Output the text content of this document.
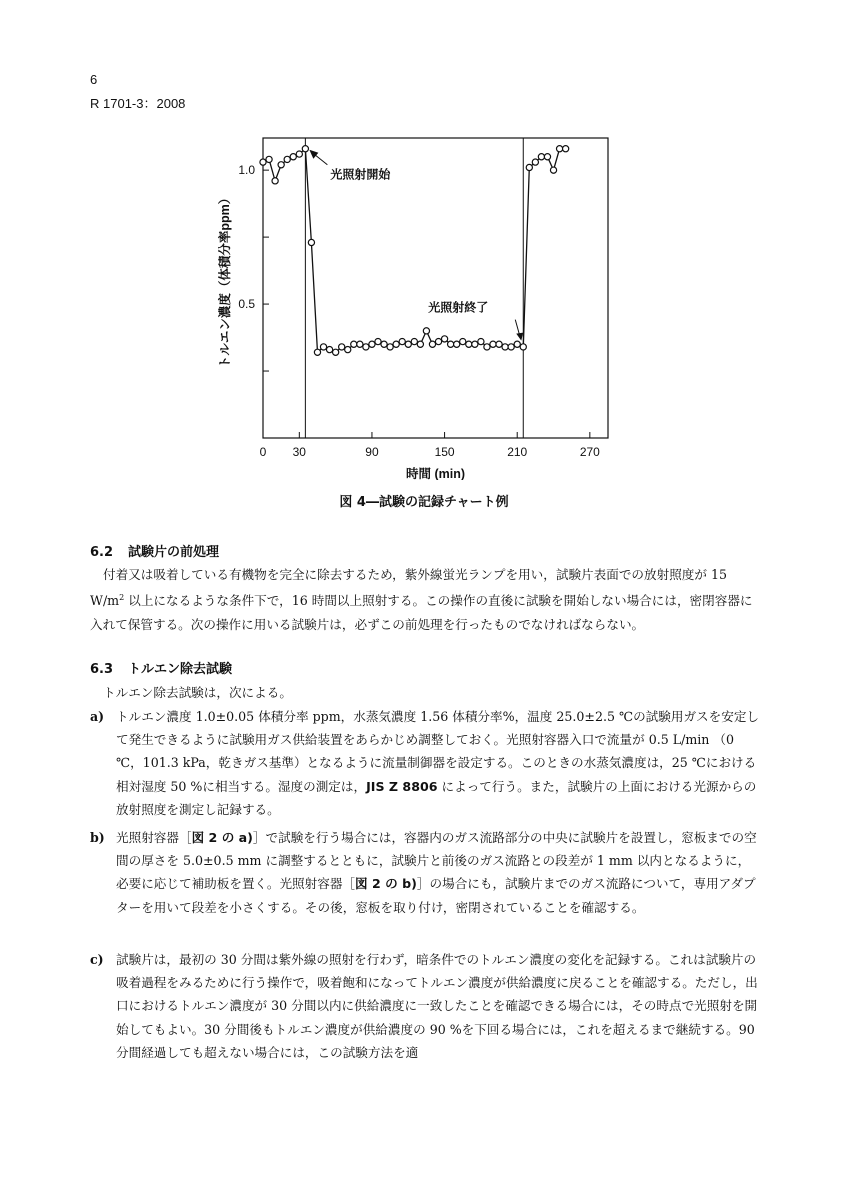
6
R 1701-3：2008
0 30	90	150	210	270
0.5
1.0	光照射開始
光照射終了
時間 (min)
トルエン濃度（体積分率ppm）
図 4―試験の記録チャート例
6.2 試験片の前処理
付着又は吸着している有機物を完全に除去するため，紫外線蛍光ランプを用い，試験片表面での放射照度が 15 $W/m^2$ 以上になるような条件下で，16 時間以上照射する。この操作の直後に試験を開始しない場合には，密閉容器に入れて保管する。次の操作に用いる試験片は，必ずこの前処理を行ったものでなければならない。
6.3 トルエン除去試験
トルエン除去試験は，次による。
a) トルエン濃度 1.0±0.05 体積分率 ppm，水蒸気濃度 1.56 体積分率%，温度 25.0±2.5 ℃の試験用ガスを安定して発生できるように試験用ガス供給装置をあらかじめ調整しておく。光照射容器入口で流量が 0.5 L/min （0 ℃，101.3 kPa，乾きガス基準）となるように流量制御器を設定する。このときの水蒸気濃度は，25 ℃における相対湿度 50 %に相当する。湿度の測定は，JIS Z 8806 によって行う。また，試験片の上面における光源からの放射照度を測定し記録する。
b) 光照射容器［図 2 の a)］で試験を行う場合には，容器内のガス流路部分の中央に試験片を設置し，窓板までの空間の厚さを 5.0±0.5 mm に調整するとともに，試験片と前後のガス流路との段差が 1 mm 以内となるように，必要に応じて補助板を置く。光照射容器［図 2 の b)］の場合にも，試験片までのガス流路について，専用アダプターを用いて段差を小さくする。その後，窓板を取り付け，密閉されていることを確認する。
c) 試験片は，最初の 30 分間は紫外線の照射を行わず，暗条件でのトルエン濃度の変化を記録する。これは試験片の吸着過程をみるために行う操作で，吸着飽和になってトルエン濃度が供給濃度に戻ることを確認する。ただし，出口におけるトルエン濃度が 30 分間以内に供給濃度に一致したことを確認できる場合には，その時点で光照射を開始してもよい。30 分間後もトルエン濃度が供給濃度の 90 %を下回る場合には，これを超えるまで継続する。90 分間経過しても超えない場合には，この試験方法を適
